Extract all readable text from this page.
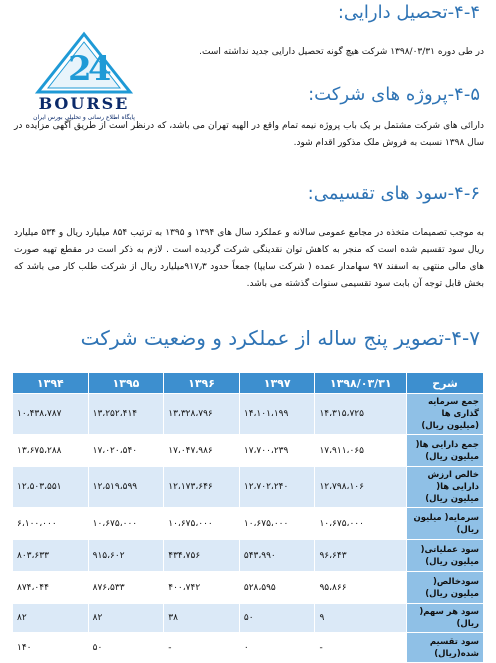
2
4
BOURSE
پایگاه اطلاع رسانی و تحلیلی بورس ایران
۴-۴-تحصیل دارایی:
در طی دوره ۱۳۹۸/۰۳/۳۱ شرکت هیچ گونه تحصیل دارایی جدید نداشته است.
۴-۵-پروژه های شرکت:
دارائی های شرکت مشتمل بر یک باب پروژه نیمه تمام واقع در الهیه تهران می باشد، که درنظر است از طریق آگهی مزایده در سال ۱۳۹۸ نسبت به فروش ملک مذکور اقدام شود.
۴-۶-سود های تقسیمی:
به موجب تصمیمات متخذه در مجامع عمومی سالانه و عملکرد سال های ۱۳۹۴ و ۱۳۹۵ به ترتیب ۸۵۴ میلیارد ریال و ۵۳۴ میلیارد ریال سود تقسیم شده است که منجر به کاهش توان نقدینگی شرکت گردیده است . لازم به ذکر است در مقطع تهیه صورت های مالی منتهی به اسفند ۹۷ سهامدار عمده ( شرکت سایپا) جمعاً حدود ۹۱۷٫۳میلیارد ریال از شرکت طلب کار می باشد که بخش قابل توجه آن بابت سود تقسیمی سنوات گذشته می باشد.
۴-۷-تصویر پنج ساله از عملکرد و وضعیت شرکت
شرح	۱۳۹۸/۰۳/۳۱	۱۳۹۷	۱۳۹۶	۱۳۹۵	۱۳۹۴
جمع سرمایه گذاری ها (میلیون ریال)	۱۴،۳۱۵،۷۲۵	۱۴،۱۰۱،۱۹۹	۱۳،۳۲۸،۷۹۶	۱۳،۲۵۲،۴۱۴	۱۰،۴۳۸،۷۸۷
جمع دارایی ها( میلیون ریال)	۱۷،۹۱۱،۰۶۵	۱۷،۷۰۰،۲۳۹	۱۷،۰۴۷،۹۸۶	۱۷،۰۲۰،۵۴۰	۱۳،۶۷۵،۲۸۸
خالص ارزش دارایی ها( میلیون ریال)	۱۲،۷۹۸،۱۰۶	۱۲،۷۰۲،۲۴۰	۱۲،۱۷۳،۶۴۶	۱۲،۵۱۹،۵۹۹	۱۲،۵۰۳،۵۵۱
سرمایه( میلیون ریال)	۱۰،۶۷۵،۰۰۰	۱۰،۶۷۵،۰۰۰	۱۰،۶۷۵،۰۰۰	۱۰،۶۷۵،۰۰۰	۶،۱۰۰،۰۰۰
سود عملیاتی( میلیون ریال)	۹۶،۶۴۳	۵۴۳،۹۹۰	۴۳۴،۷۵۶	۹۱۵،۶۰۲	۸۰۳،۶۳۳
سودخالص( میلیون ریال)	۹۵،۸۶۶	۵۲۸،۵۹۵	۴۰۰،۷۴۲	۸۷۶،۵۳۳	۸۷۴،۰۴۴
سود هر سهم( ریال)	۹	۵۰	۳۸	۸۲	۸۲
سود تقسیم شده(ریال)	-	۰	-	۵۰	۱۴۰
